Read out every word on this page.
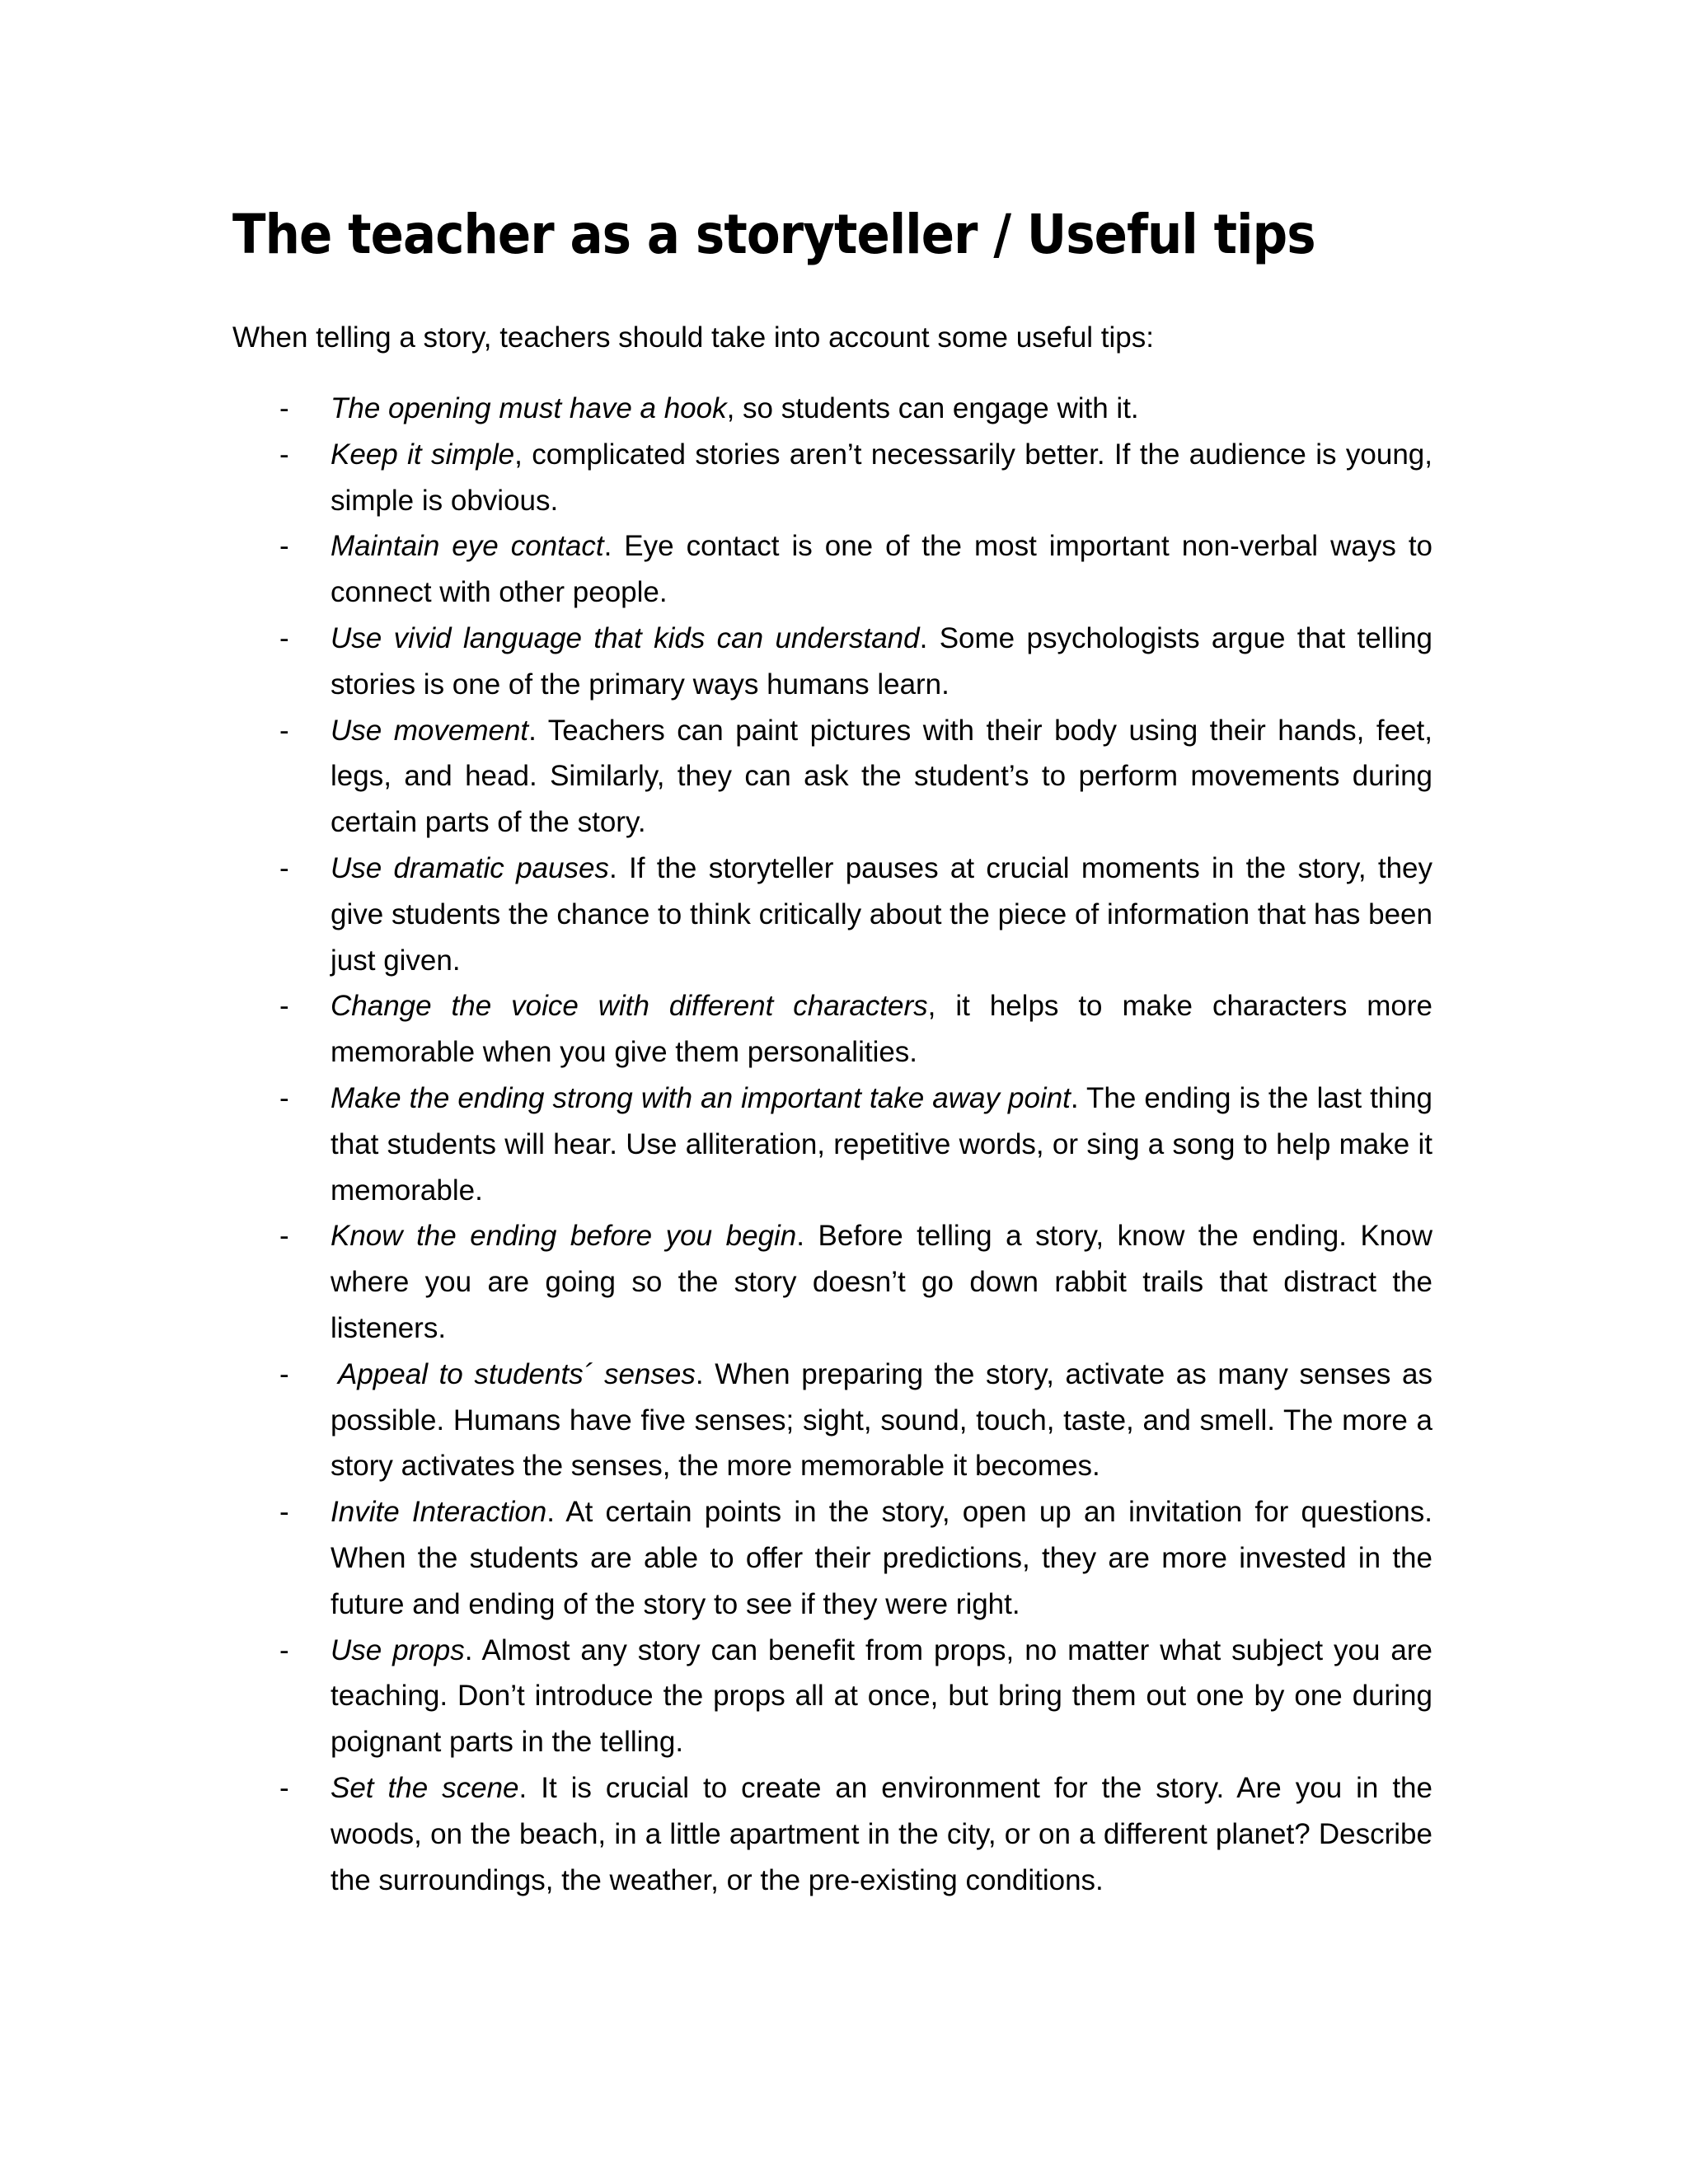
The teacher as a storyteller / Useful tips

When telling a story, teachers should take into account some useful tips:

- The opening must have a hook, so students can engage with it.
- Keep it simple, complicated stories aren’t necessarily better. If the audience is young, simple is obvious.
- Maintain eye contact. Eye contact is one of the most important non-verbal ways to connect with other people.
- Use vivid language that kids can understand. Some psychologists argue that telling stories is one of the primary ways humans learn.
- Use movement. Teachers can paint pictures with their body using their hands, feet, legs, and head. Similarly, they can ask the student’s to perform movements during certain parts of the story.
- Use dramatic pauses. If the storyteller pauses at crucial moments in the story, they give students the chance to think critically about the piece of information that has been just given.
- Change the voice with different characters, it helps to make characters more memorable when you give them personalities.
- Make the ending strong with an important take away point. The ending is the last thing that students will hear. Use alliteration, repetitive words, or sing a song to help make it memorable.
- Know the ending before you begin. Before telling a story, know the ending. Know where you are going so the story doesn’t go down rabbit trails that distract the listeners.
- Appeal to students´ senses. When preparing the story, activate as many senses as possible. Humans have five senses; sight, sound, touch, taste, and smell. The more a story activates the senses, the more memorable it becomes.
- Invite Interaction. At certain points in the story, open up an invitation for questions. When the students are able to offer their predictions, they are more invested in the future and ending of the story to see if they were right.
- Use props. Almost any story can benefit from props, no matter what subject you are teaching. Don’t introduce the props all at once, but bring them out one by one during poignant parts in the telling.
- Set the scene. It is crucial to create an environment for the story. Are you in the woods, on the beach, in a little apartment in the city, or on a different planet? Describe the surroundings, the weather, or the pre-existing conditions.
